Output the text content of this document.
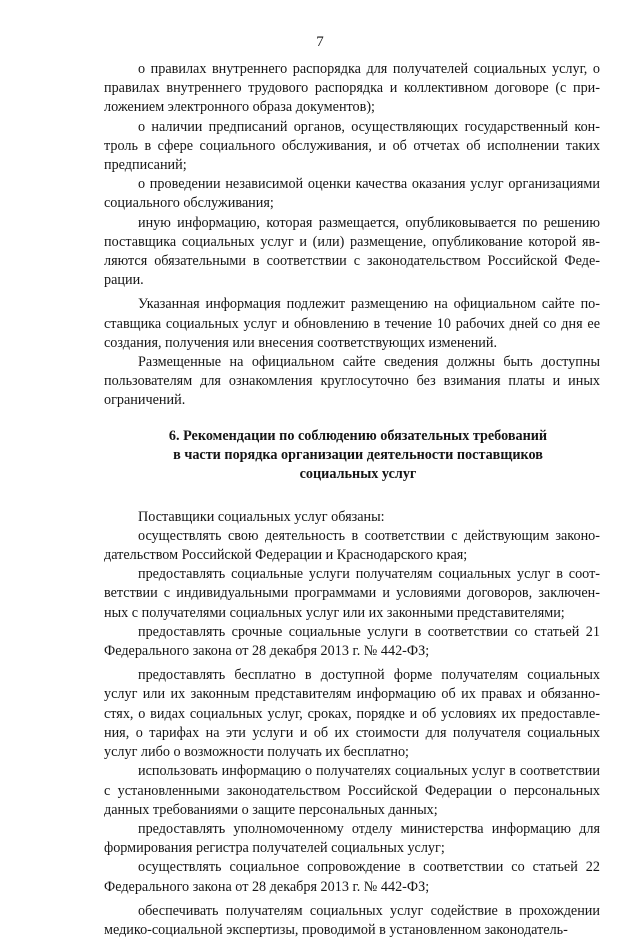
7

о правилах внутреннего распорядка для получателей социальных услуг, о правилах внутреннего трудового распорядка и коллективном договоре (с приложением электронного образа документов);

о наличии предписаний органов, осуществляющих государственный контроль в сфере социального обслуживания, и об отчетах об исполнении таких предписаний;

о проведении независимой оценки качества оказания услуг организациями социального обслуживания;

иную информацию, которая размещается, опубликовывается по решению поставщика социальных услуг и (или) размещение, опубликование которой являются обязательными в соответствии с законодательством Российской Федерации.

Указанная информация подлежит размещению на официальном сайте поставщика социальных услуг и обновлению в течение 10 рабочих дней со дня ее создания, получения или внесения соответствующих изменений.

Размещенные на официальном сайте сведения должны быть доступны пользователям для ознакомления круглосуточно без взимания платы и иных ограничений.

6. Рекомендации по соблюдению обязательных требований
в части порядка организации деятельности поставщиков
социальных услуг

Поставщики социальных услуг обязаны:

осуществлять свою деятельность в соответствии с действующим законодательством Российской Федерации и Краснодарского края;

предоставлять социальные услуги получателям социальных услуг в соответствии с индивидуальными программами и условиями договоров, заключенных с получателями социальных услуг или их законными представителями;

предоставлять срочные социальные услуги в соответствии со статьей 21 Федерального закона от 28 декабря 2013 г. № 442-ФЗ;

предоставлять бесплатно в доступной форме получателям социальных услуг или их законным представителям информацию об их правах и обязанностях, о видах социальных услуг, сроках, порядке и об условиях их предоставления, о тарифах на эти услуги и об их стоимости для получателя социальных услуг либо о возможности получать их бесплатно;

использовать информацию о получателях социальных услуг в соответствии с установленными законодательством Российской Федерации о персональных данных требованиями о защите персональных данных;

предоставлять уполномоченному отделу министерства информацию для формирования регистра получателей социальных услуг;

осуществлять социальное сопровождение в соответствии со статьей 22 Федерального закона от 28 декабря 2013 г. № 442-ФЗ;

обеспечивать получателям социальных услуг содействие в прохождении медико-социальной экспертизы, проводимой в установленном законодатель-
